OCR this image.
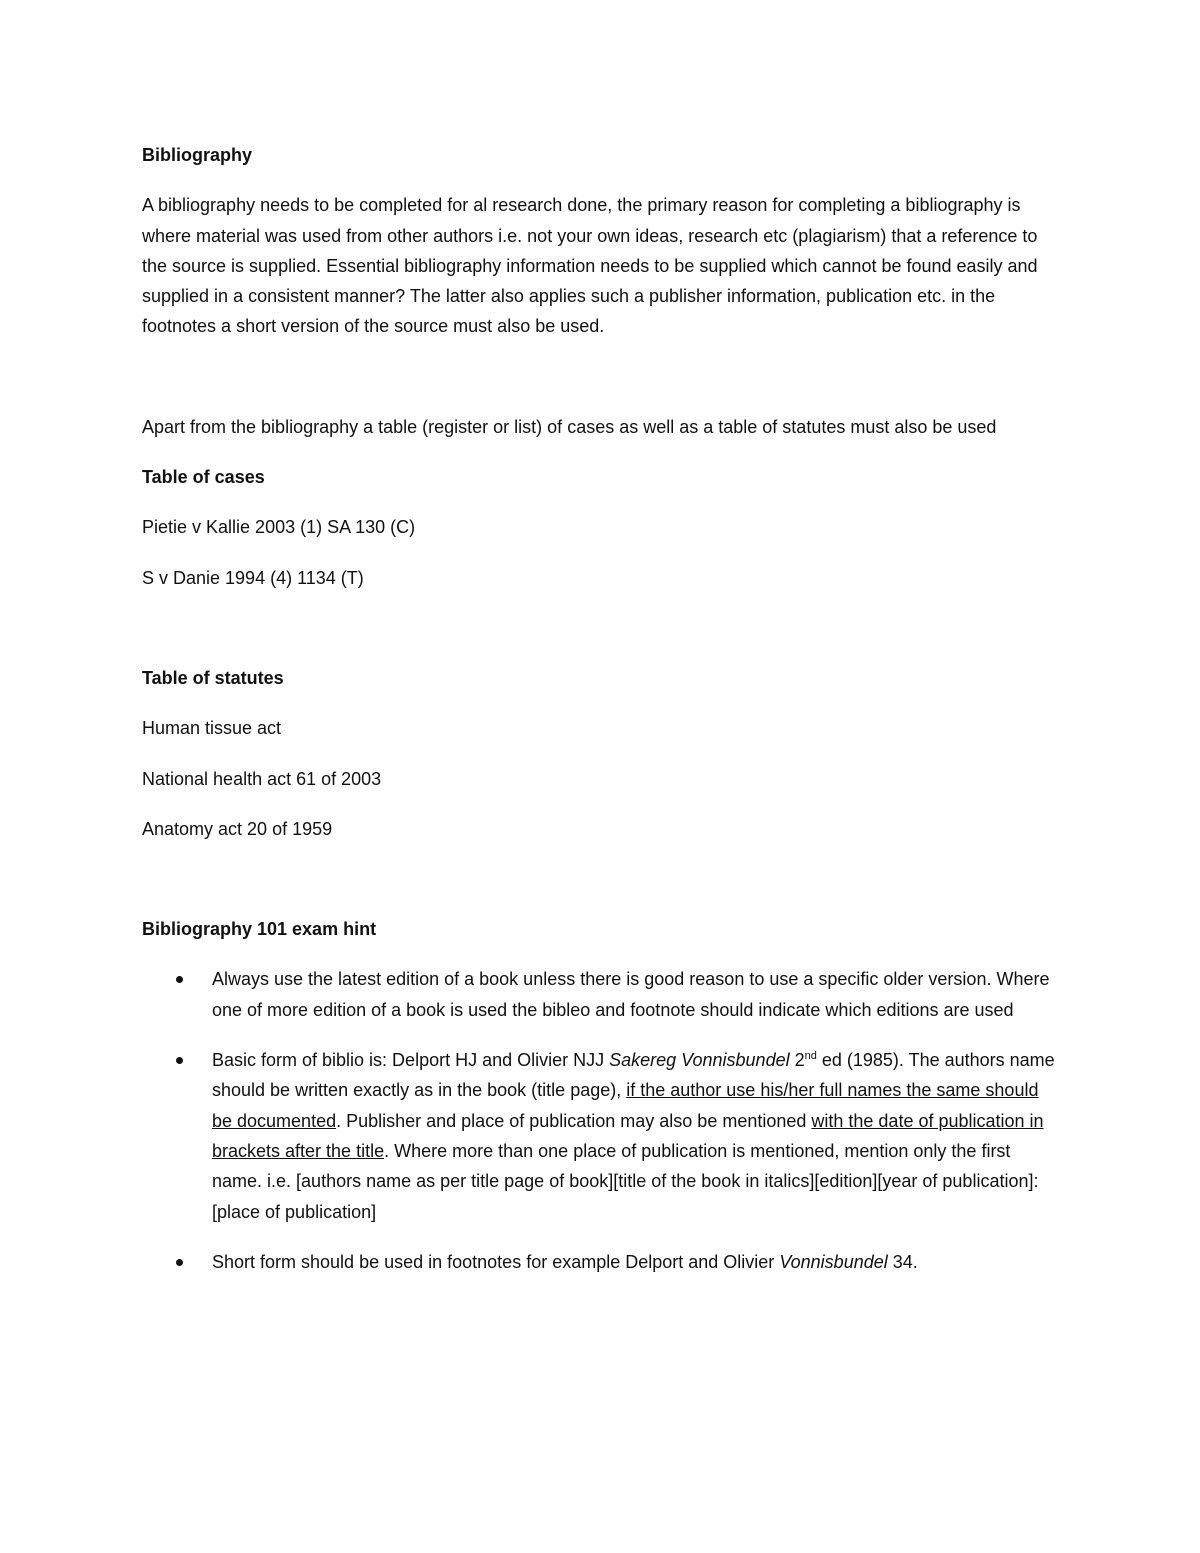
Bibliography

A bibliography needs to be completed for al research done, the primary reason for completing a bibliography is where material was used from other authors i.e. not your own ideas, research etc (plagiarism) that a reference to the source is supplied. Essential bibliography information needs to be supplied which cannot be found easily and supplied in a consistent manner? The latter also applies such a publisher information, publication etc. in the footnotes a short version of the source must also be used.

Apart from the bibliography a table (register or list) of cases as well as a table of statutes must also be used

Table of cases

Pietie v Kallie 2003 (1) SA 130 (C)

S v Danie 1994 (4) 1134 (T)

Table of statutes

Human tissue act

National health act 61 of 2003

Anatomy act 20 of 1959

Bibliography 101 exam hint

Always use the latest edition of a book unless there is good reason to use a specific older version. Where one of more edition of a book is used the bibleo and footnote should indicate which editions are used
Basic form of biblio is: Delport HJ and Olivier NJJ Sakereg Vonnisbundel 2nd ed (1985). The authors name should be written exactly as in the book (title page), if the author use his/her full names the same should be documented. Publisher and place of publication may also be mentioned with the date of publication in brackets after the title. Where more than one place of publication is mentioned, mention only the first name. i.e. [authors name as per title page of book][title of the book in italics][edition][year of publication]:[place of publication]
Short form should be used in footnotes for example Delport and Olivier Vonnisbundel 34.
